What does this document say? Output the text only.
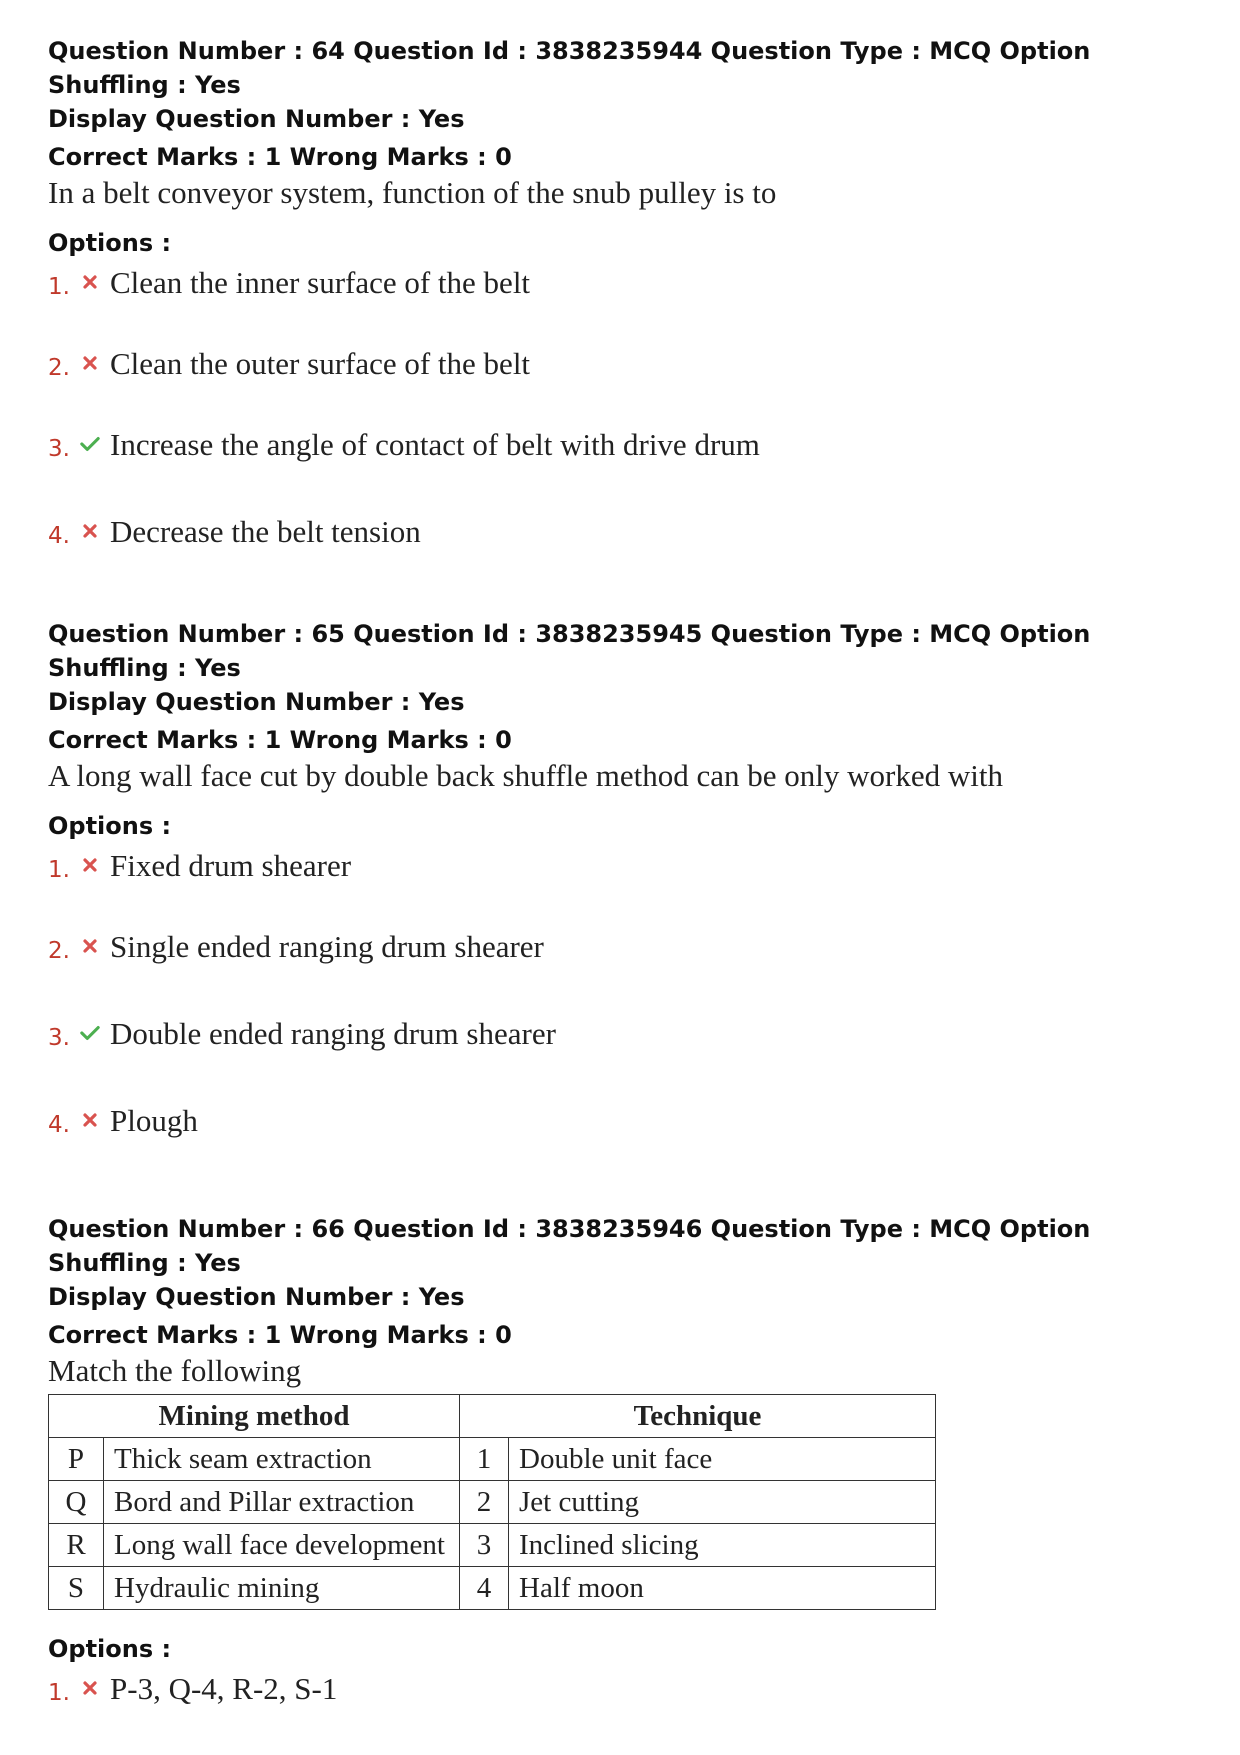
Question Number : 64 Question Id : 3838235944 Question Type : MCQ Option Shuffling : Yes
Display Question Number : Yes
Correct Marks : 1 Wrong Marks : 0
In a belt conveyor system, function of the snub pulley is to
Options :
1. Clean the inner surface of the belt
2. Clean the outer surface of the belt
3. Increase the angle of contact of belt with drive drum
4. Decrease the belt tension
Question Number : 65 Question Id : 3838235945 Question Type : MCQ Option Shuffling : Yes
Display Question Number : Yes
Correct Marks : 1 Wrong Marks : 0
A long wall face cut by double back shuffle method can be only worked with
Options :
1. Fixed drum shearer
2. Single ended ranging drum shearer
3. Double ended ranging drum shearer
4. Plough
Question Number : 66 Question Id : 3838235946 Question Type : MCQ Option Shuffling : Yes
Display Question Number : Yes
Correct Marks : 1 Wrong Marks : 0
Match the following
Mining method		Technique	
P	Thick seam extraction	1	Double unit face
Q	Bord and Pillar extraction	2	Jet cutting
R	Long wall face development	3	Inclined slicing
S	Hydraulic mining	4	Half moon
Options :
1. P-3, Q-4, R-2, S-1
